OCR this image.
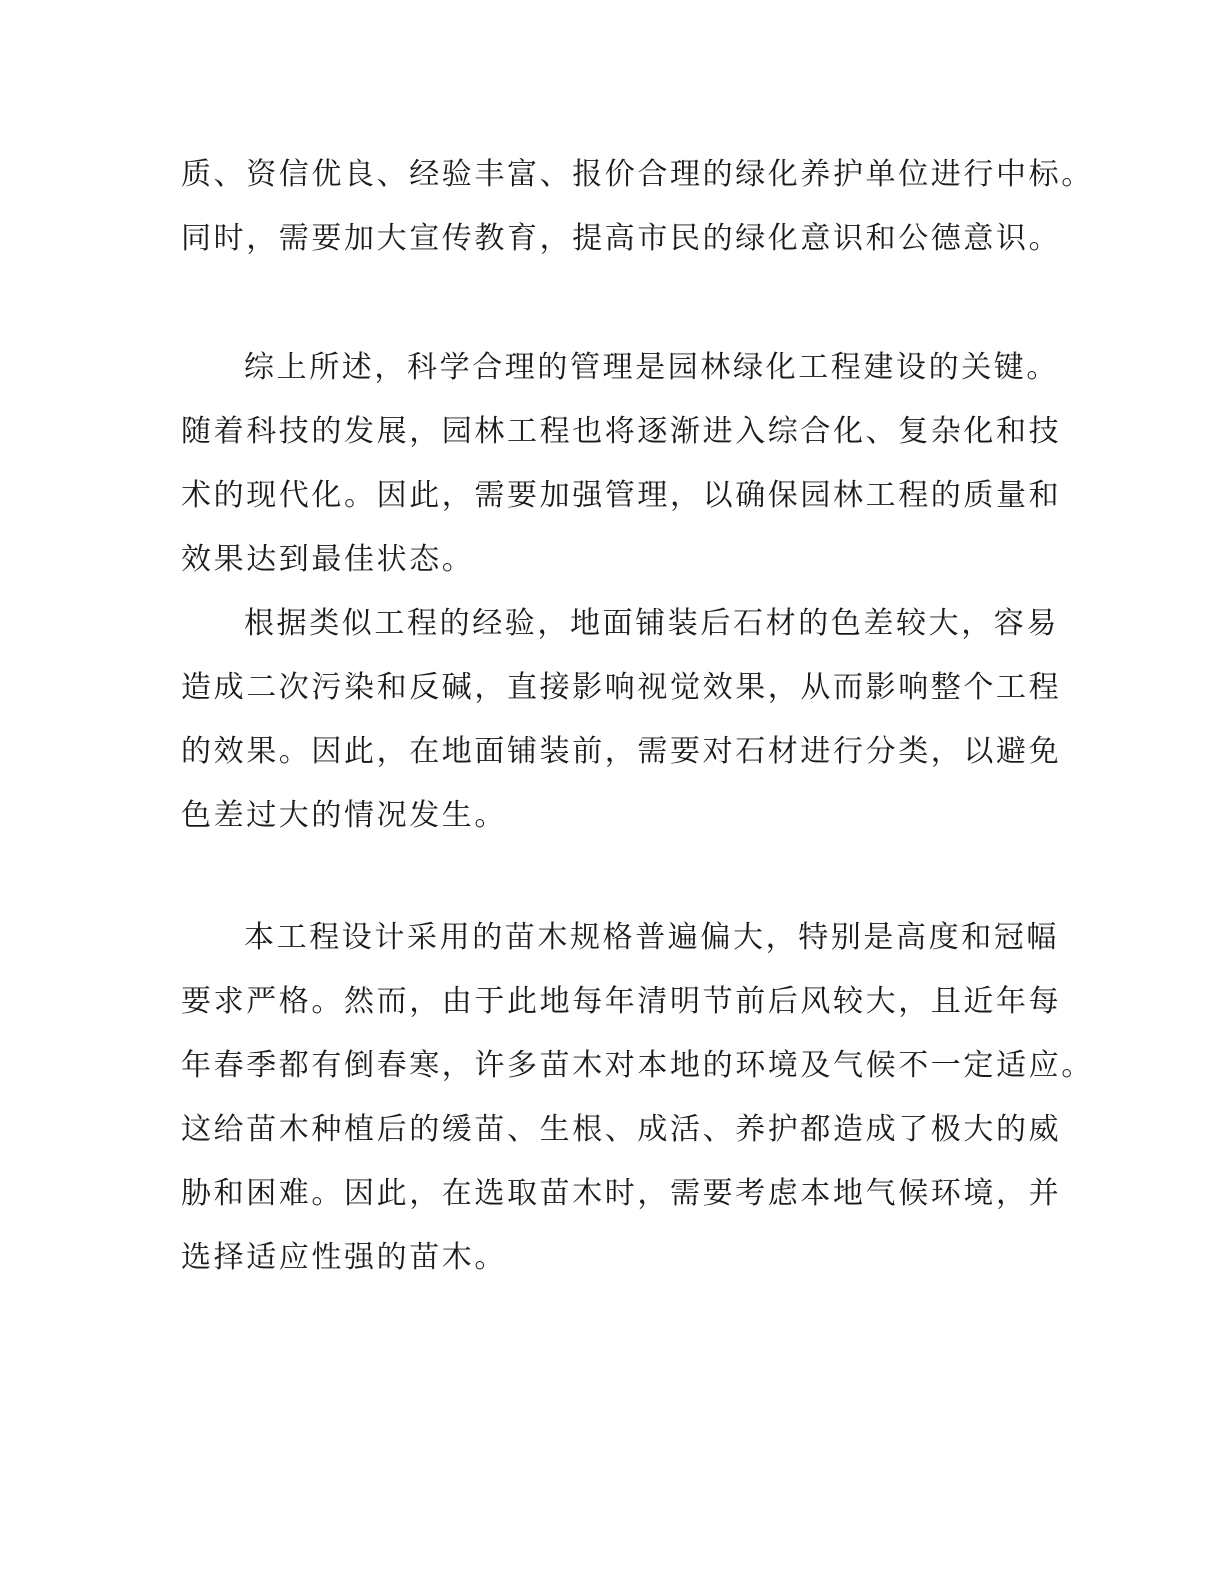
质、资信优良、经验丰富、报价合理的绿化养护单位进行中标。
同时，需要加大宣传教育，提高市民的绿化意识和公德意识。

综上所述，科学合理的管理是园林绿化工程建设的关键。
随着科技的发展，园林工程也将逐渐进入综合化、复杂化和技
术的现代化。因此，需要加强管理，以确保园林工程的质量和
效果达到最佳状态。

根据类似工程的经验，地面铺装后石材的色差较大，容易
造成二次污染和反碱，直接影响视觉效果，从而影响整个工程
的效果。因此，在地面铺装前，需要对石材进行分类，以避免
色差过大的情况发生。

本工程设计采用的苗木规格普遍偏大，特别是高度和冠幅
要求严格。然而，由于此地每年清明节前后风较大，且近年每
年春季都有倒春寒，许多苗木对本地的环境及气候不一定适应。
这给苗木种植后的缓苗、生根、成活、养护都造成了极大的威
胁和困难。因此，在选取苗木时，需要考虑本地气候环境，并
选择适应性强的苗木。
